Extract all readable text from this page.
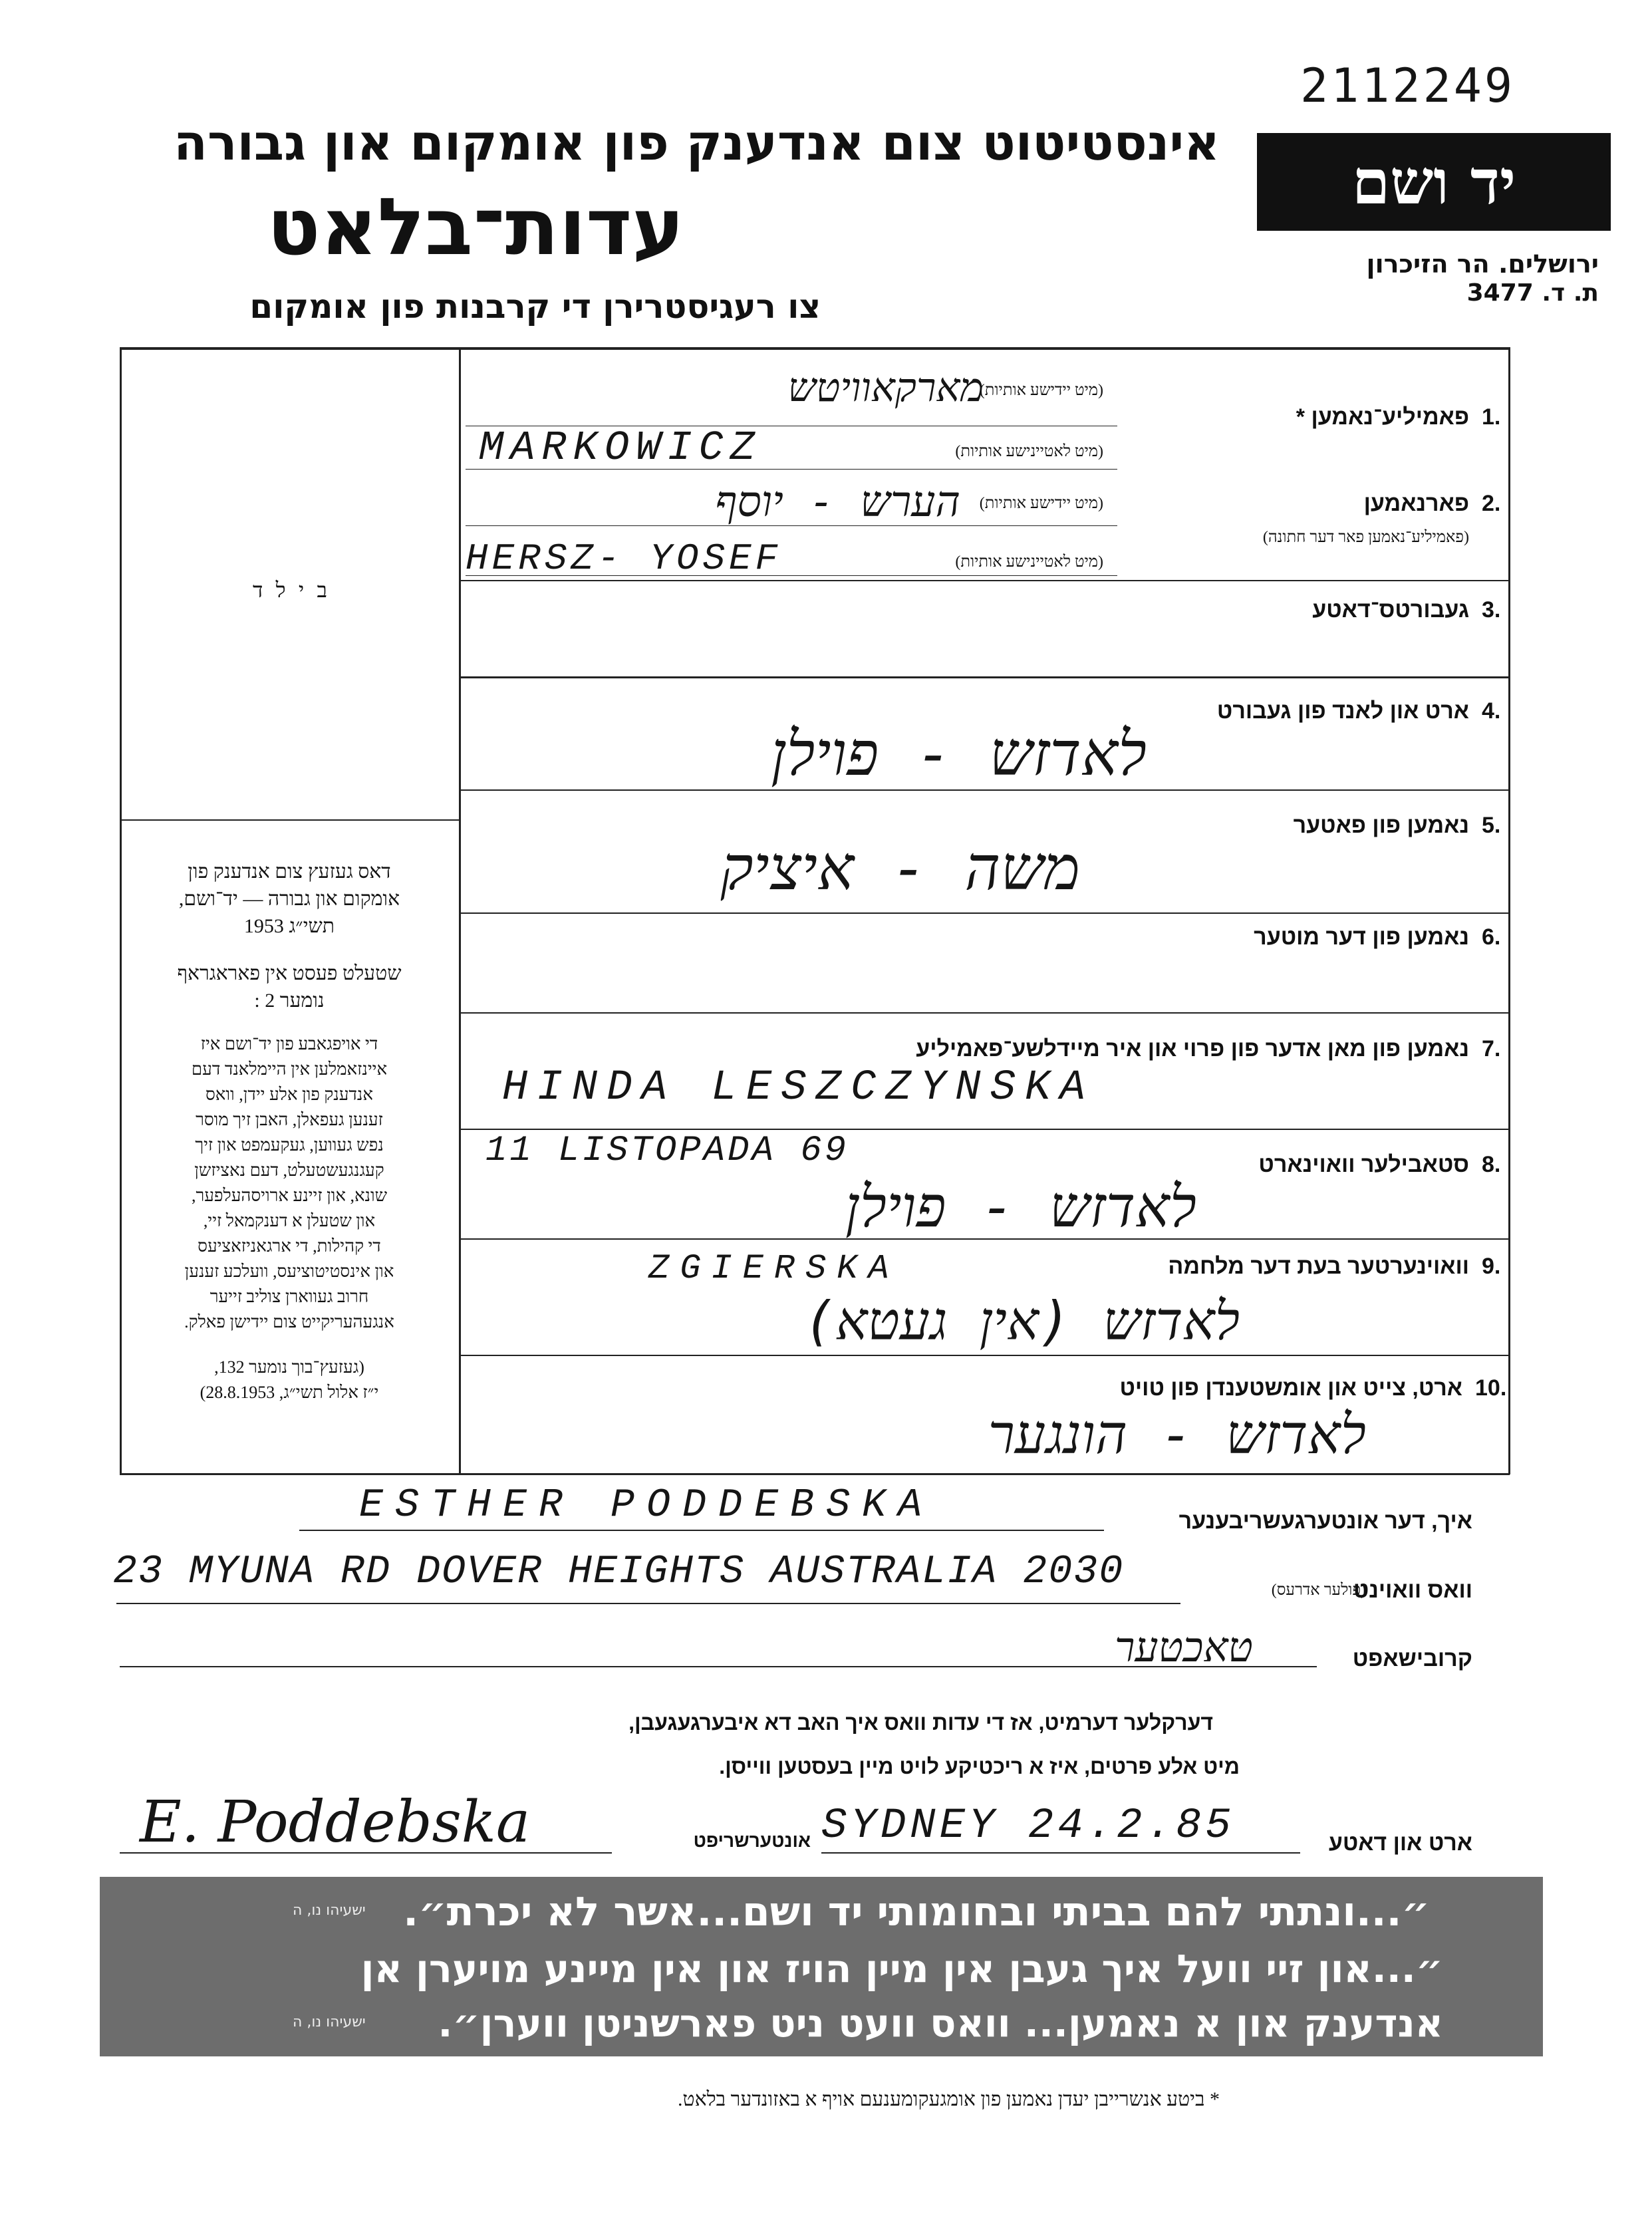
2112249
אינסטיטוט צום אנדענק פון אומקום און גבורה
עדות־בלאט
צו רעגיסטרירן די קרבנות פון אומקום
יד ושם
ירושלים. הר הזיכרון
ת. ד. 3477
ב י ל ד
דאס געזעץ צום אנדענק פון
אומקום און גבורה — יד־ושם,
תשי״ג 1953
שטעלט פעסט אין פאראגראף
נומער 2 :
די אויפגאבע פון יד־ושם איז
איינזאמלען אין היימלאנד דעם
אנדענק פון אלע יידן, וואס
זענען געפאלן, האבן זיך מוסר
נפש געווען, געקעמפט און זיך
קעגנגעשטעלט, דעם נאציזשן
שונא, און זיינע ארויסהעלפער,
און שטעלן א דענקמאל זיי,
די קהילות, די ארגאניזאציעס
און אינסטיטוציעס, וועלכע זענען
חרוב געווארן צוליב זייער
אנגעהעריקייט צום יידישן פאלק.
(געזעץ־בוך נומער 132,
י״ז אלול תשי״ג, 28.8.1953)
1.
פאמיליע־נאמען *
2.
פארנאמען
(פאמיליע־נאמען פאר דער חתונה)
3.
געבורטס־דאטע
4.
ארט און לאנד פון געבורט
5.
נאמען פון פאטער
6.
נאמען פון דער מוטער
7.
נאמען פון מאן אדער פון פרוי און איר מיידלשע־פאמיליע
8.
סטאבילער וואוינארט
9.
וואוינערטער בעת דער מלחמה
10.
ארט, צייט און אומשטענדן פון טויט
(מיט יידישע אותיות)
(מיט לאטיינישע אותיות)
(מיט יידישע אותיות)
(מיט לאטיינישע אותיות)
מארקאוויטש
MARKOWICZ
הערש - יוסף
HERSZ- YOSEF
לאדזש - פוילן
משה - איציק
HINDA LESZCZYNSKA
11 LISTOPADA 69
לאדזש - פוילן
ZGIERSKA
לאדזש (אין געטא)
לאדזש - הונגער
איך, דער אונטערגעשריבענער
ESTHER PODDEBSKA
וואס וואוינט
(פולער אדרעס)
23 MYUNA RD DOVER HEIGHTS AUSTRALIA 2030
קרובישאפט
טאכטער
דערקלער דערמיט, אז די עדות וואס איך האב דא איבערגעגעבן,
מיט אלע פרטים, איז א ריכטיקע לויט מיין בעסטען ווייסן.
ארט און דאטע
SYDNEY 24.2.85
אונטערשריפט
E. Poddebska
״...ונתתי להם בביתי ובחומותי יד ושם...אשר לא יכרת״.
ישעיהו נו, ה
״...און זיי וועל איך געבן אין מיין הויז און אין מיינע מויערן אן
אנדענק און א נאמען... וואס וועט ניט פארשניטן ווערן״.
ישעיהו נו, ה
* ביטע אנשרייבן יעדן נאמען פון אומגעקומענעם אויף א באזונדער בלאט.
